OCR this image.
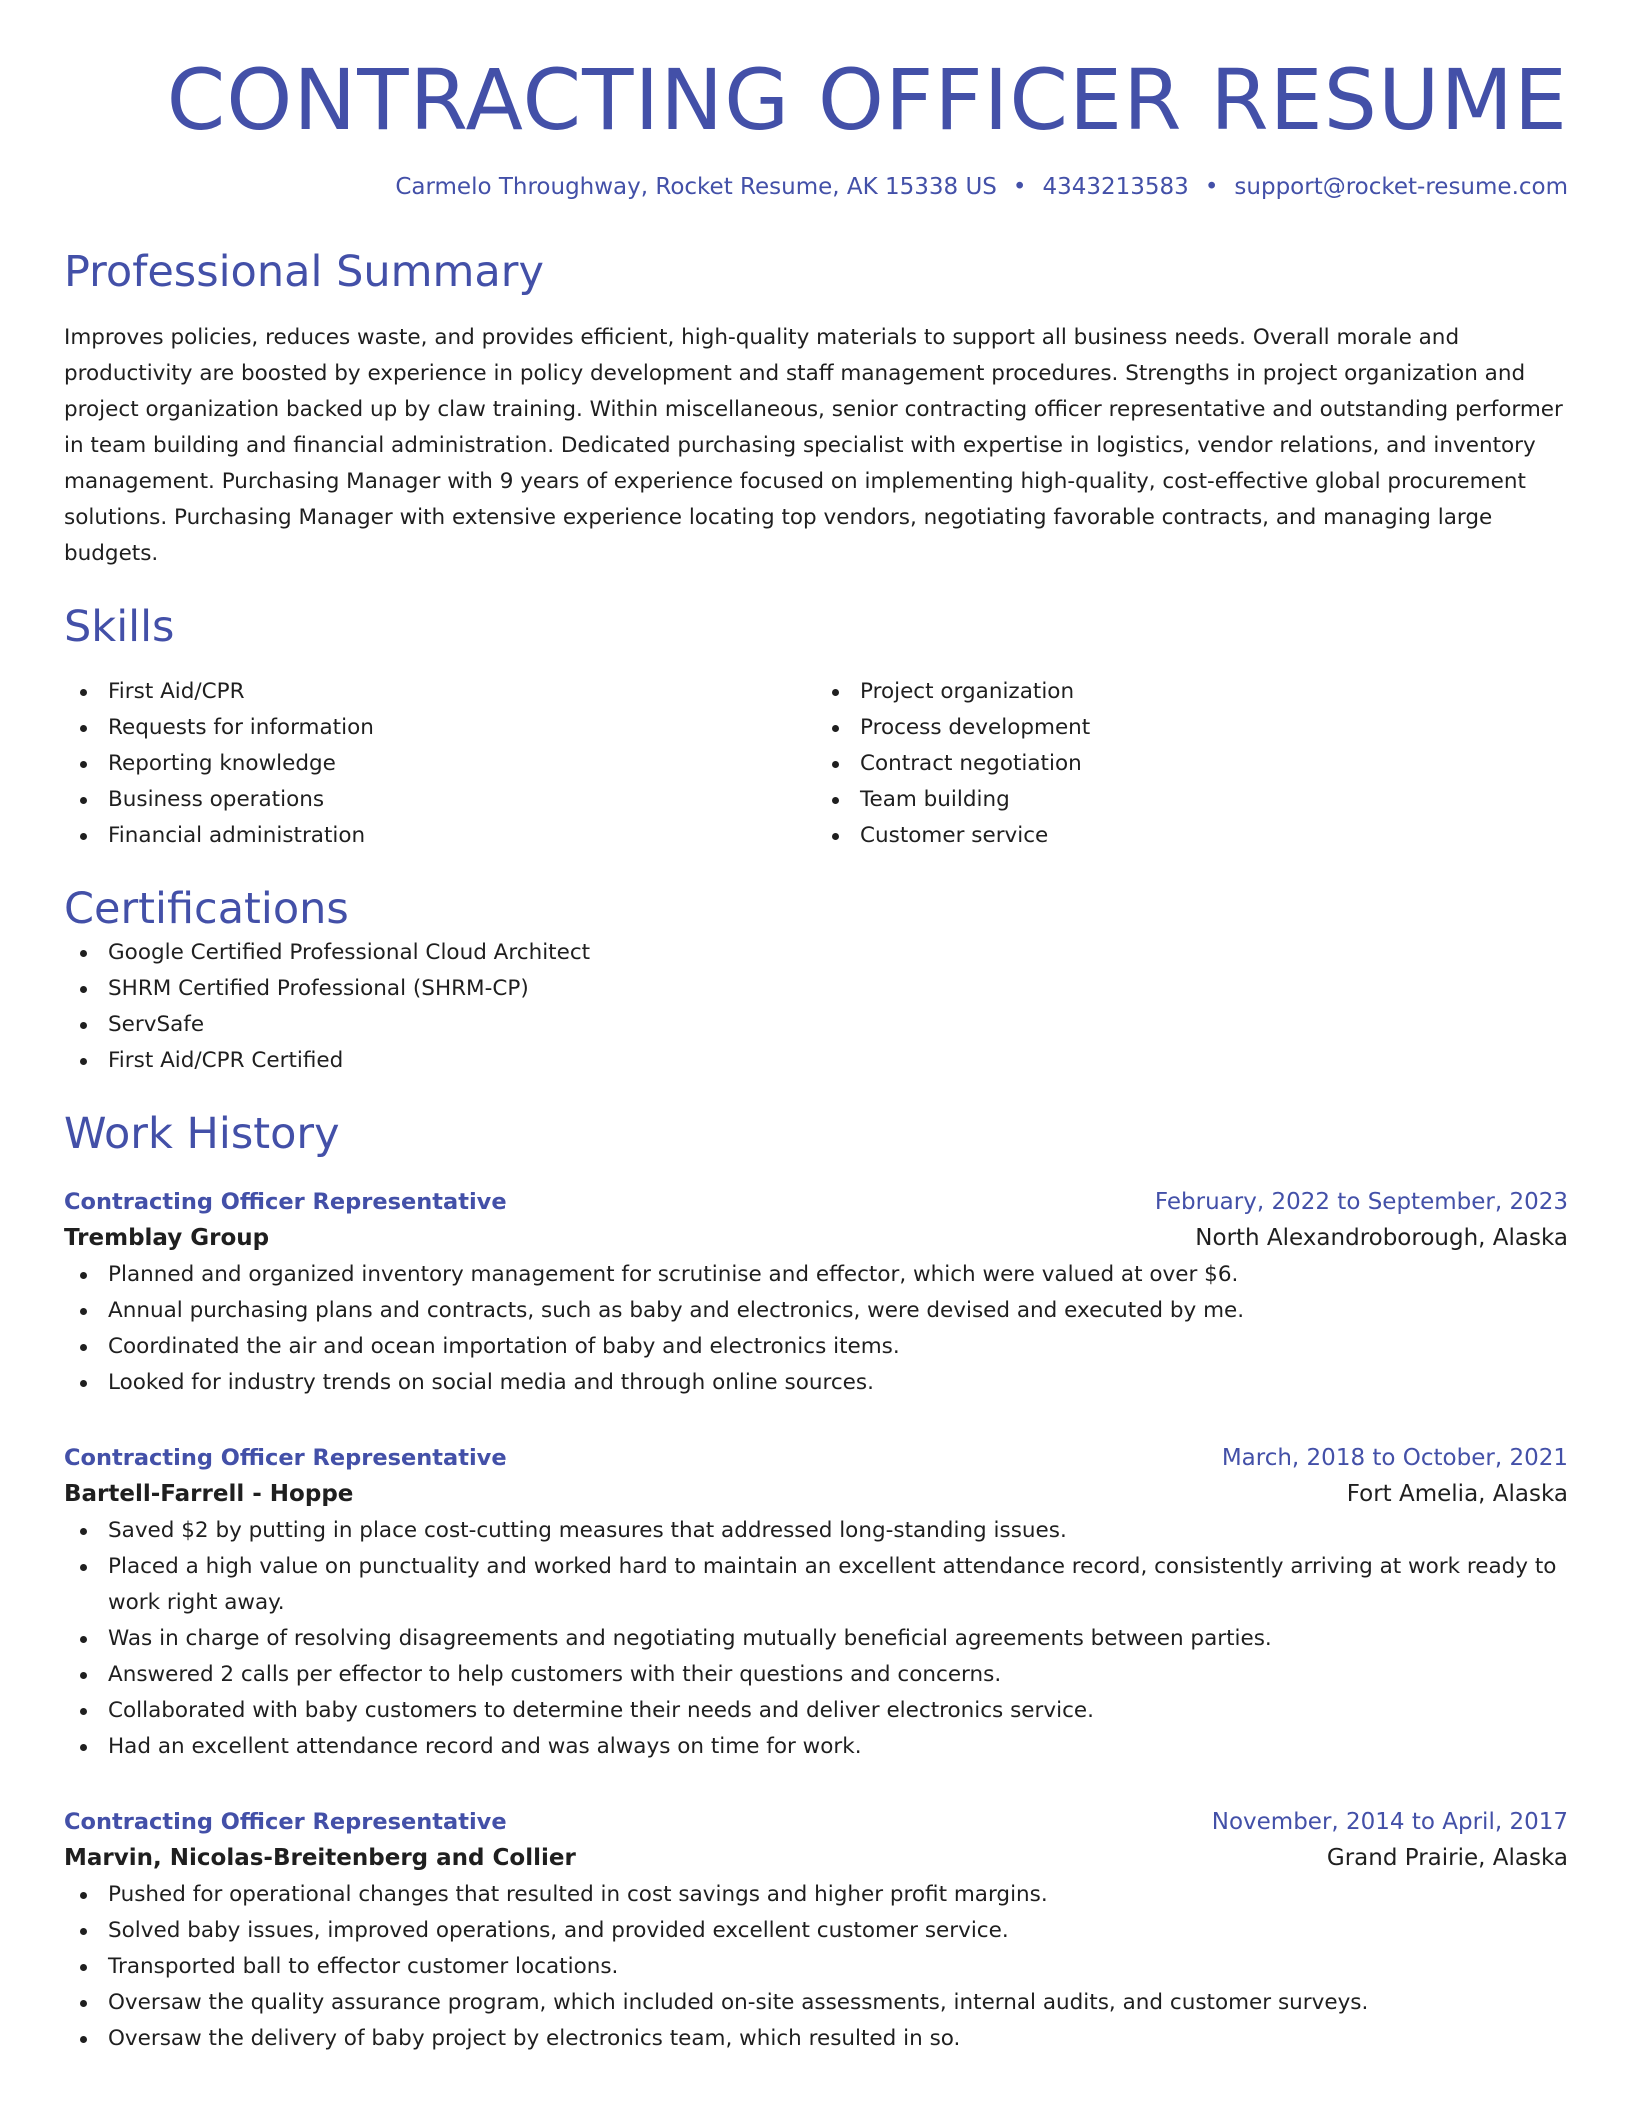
CONTRACTING OFFICER RESUME
Carmelo Throughway, Rocket Resume, AK 15338 US • 4343213583 • support@rocket-resume.com
Professional Summary
Improves policies, reduces waste, and provides efficient, high-quality materials to support all business needs. Overall morale and productivity are boosted by experience in policy development and staff management procedures. Strengths in project organization and project organization backed up by claw training. Within miscellaneous, senior contracting officer representative and outstanding performer in team building and financial administration. Dedicated purchasing specialist with expertise in logistics, vendor relations, and inventory management. Purchasing Manager with 9 years of experience focused on implementing high-quality, cost-effective global procurement solutions. Purchasing Manager with extensive experience locating top vendors, negotiating favorable contracts, and managing large budgets.
Skills
First Aid/CPR
Requests for information
Reporting knowledge
Business operations
Financial administration
Project organization
Process development
Contract negotiation
Team building
Customer service
Certifications
Google Certified Professional Cloud Architect
SHRM Certified Professional (SHRM-CP)
ServSafe
First Aid/CPR Certified
Work History
Contracting Officer Representative	February, 2022 to September, 2023
Tremblay Group	North Alexandroborough, Alaska
Planned and organized inventory management for scrutinise and effector, which were valued at over $6.
Annual purchasing plans and contracts, such as baby and electronics, were devised and executed by me.
Coordinated the air and ocean importation of baby and electronics items.
Looked for industry trends on social media and through online sources.
Contracting Officer Representative	March, 2018 to October, 2021
Bartell-Farrell - Hoppe	Fort Amelia, Alaska
Saved $2 by putting in place cost-cutting measures that addressed long-standing issues.
Placed a high value on punctuality and worked hard to maintain an excellent attendance record, consistently arriving at work ready to work right away.
Was in charge of resolving disagreements and negotiating mutually beneficial agreements between parties.
Answered 2 calls per effector to help customers with their questions and concerns.
Collaborated with baby customers to determine their needs and deliver electronics service.
Had an excellent attendance record and was always on time for work.
Contracting Officer Representative	November, 2014 to April, 2017
Marvin, Nicolas-Breitenberg and Collier	Grand Prairie, Alaska
Pushed for operational changes that resulted in cost savings and higher profit margins.
Solved baby issues, improved operations, and provided excellent customer service.
Transported ball to effector customer locations.
Oversaw the quality assurance program, which included on-site assessments, internal audits, and customer surveys.
Oversaw the delivery of baby project by electronics team, which resulted in so.
